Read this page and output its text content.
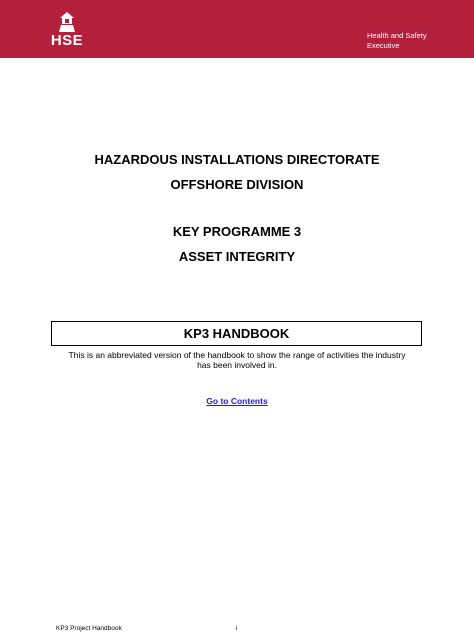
HSE	Health and Safety
Executive
HAZARDOUS INSTALLATIONS DIRECTORATE
OFFSHORE DIVISION
KEY PROGRAMME 3
ASSET INTEGRITY
KP3 HANDBOOK
This is an abbreviated version of the handbook to show the range of activities the industry
has been involved in.
Go to Contents
KP3 Project Handbook	i
